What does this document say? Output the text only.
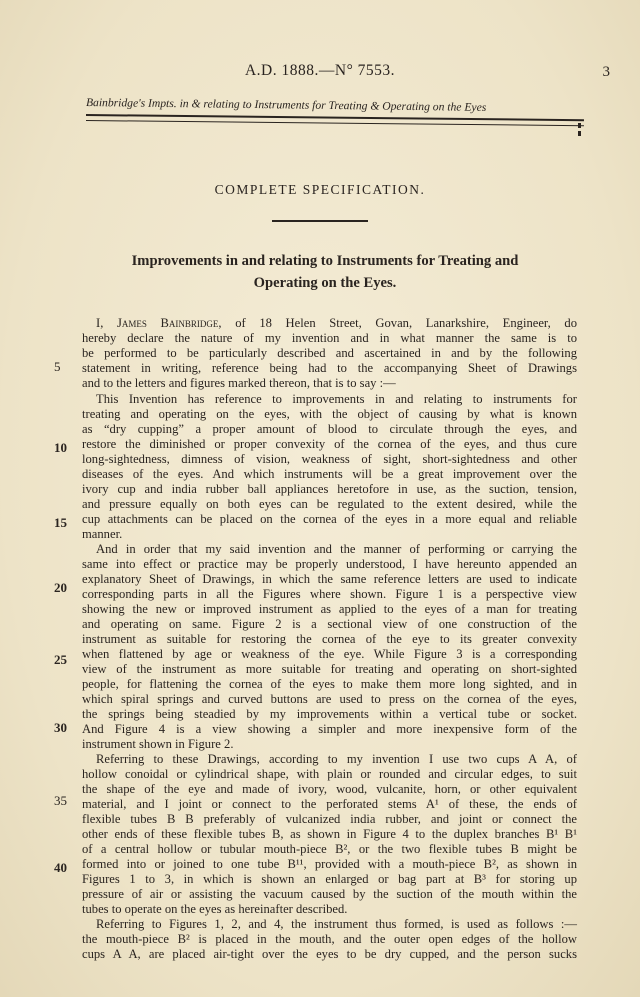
A.D. 1888.—N° 7553.	3
Bainbridge's Impts. in & relating to Instruments for Treating & Operating on the Eyes
COMPLETE SPECIFICATION.
Improvements in and relating to Instruments for Treating and
Operating on the Eyes.
I, James Bainbridge, of 18 Helen Street, Govan, Lanarkshire, Engineer, do
hereby declare the nature of my invention and in what manner the same is to
be performed to be particularly described and ascertained in and by the following
statement in writing, reference being had to the accompanying Sheet of Drawings
and to the letters and figures marked thereon, that is to say :—
This Invention has reference to improvements in and relating to instruments for
treating and operating on the eyes, with the object of causing by what is known
as “dry cupping” a proper amount of blood to circulate through the eyes, and
restore the diminished or proper convexity of the cornea of the eyes, and thus cure
long-sightedness, dimness of vision, weakness of sight, short-sightedness and other
diseases of the eyes. And which instruments will be a great improvement over the
ivory cup and india rubber ball appliances heretofore in use, as the suction, tension,
and pressure equally on both eyes can be regulated to the extent desired, while the
cup attachments can be placed on the cornea of the eyes in a more equal and reliable
manner.
And in order that my said invention and the manner of performing or carrying the
same into effect or practice may be properly understood, I have hereunto appended an
explanatory Sheet of Drawings, in which the same reference letters are used to indicate
corresponding parts in all the Figures where shown. Figure 1 is a perspective view
showing the new or improved instrument as applied to the eyes of a man for treating
and operating on same. Figure 2 is a sectional view of one construction of the
instrument as suitable for restoring the cornea of the eye to its greater convexity
when flattened by age or weakness of the eye. While Figure 3 is a corresponding
view of the instrument as more suitable for treating and operating on short-sighted
people, for flattening the cornea of the eyes to make them more long sighted, and in
which spiral springs and curved buttons are used to press on the cornea of the eyes,
the springs being steadied by my improvements within a vertical tube or socket.
And Figure 4 is a view showing a simpler and more inexpensive form of the
instrument shown in Figure 2.
Referring to these Drawings, according to my invention I use two cups A A, of
hollow conoidal or cylindrical shape, with plain or rounded and circular edges, to suit
the shape of the eye and made of ivory, wood, vulcanite, horn, or other equivalent
material, and I joint or connect to the perforated stems A¹ of these, the ends of
flexible tubes B B preferably of vulcanized india rubber, and joint or connect the
other ends of these flexible tubes B, as shown in Figure 4 to the duplex branches B¹ B¹
of a central hollow or tubular mouth-piece B², or the two flexible tubes B might be
formed into or joined to one tube B¹¹, provided with a mouth-piece B², as shown in
Figures 1 to 3, in which is shown an enlarged or bag part at B³ for storing up
pressure of air or assisting the vacuum caused by the suction of the mouth within the
tubes to operate on the eyes as hereinafter described.
Referring to Figures 1, 2, and 4, the instrument thus formed, is used as follows :—
the mouth-piece B² is placed in the mouth, and the outer open edges of the hollow
cups A A, are placed air-tight over the eyes to be dry cupped, and the person sucks
5
10
15
20
25
30
35
40
